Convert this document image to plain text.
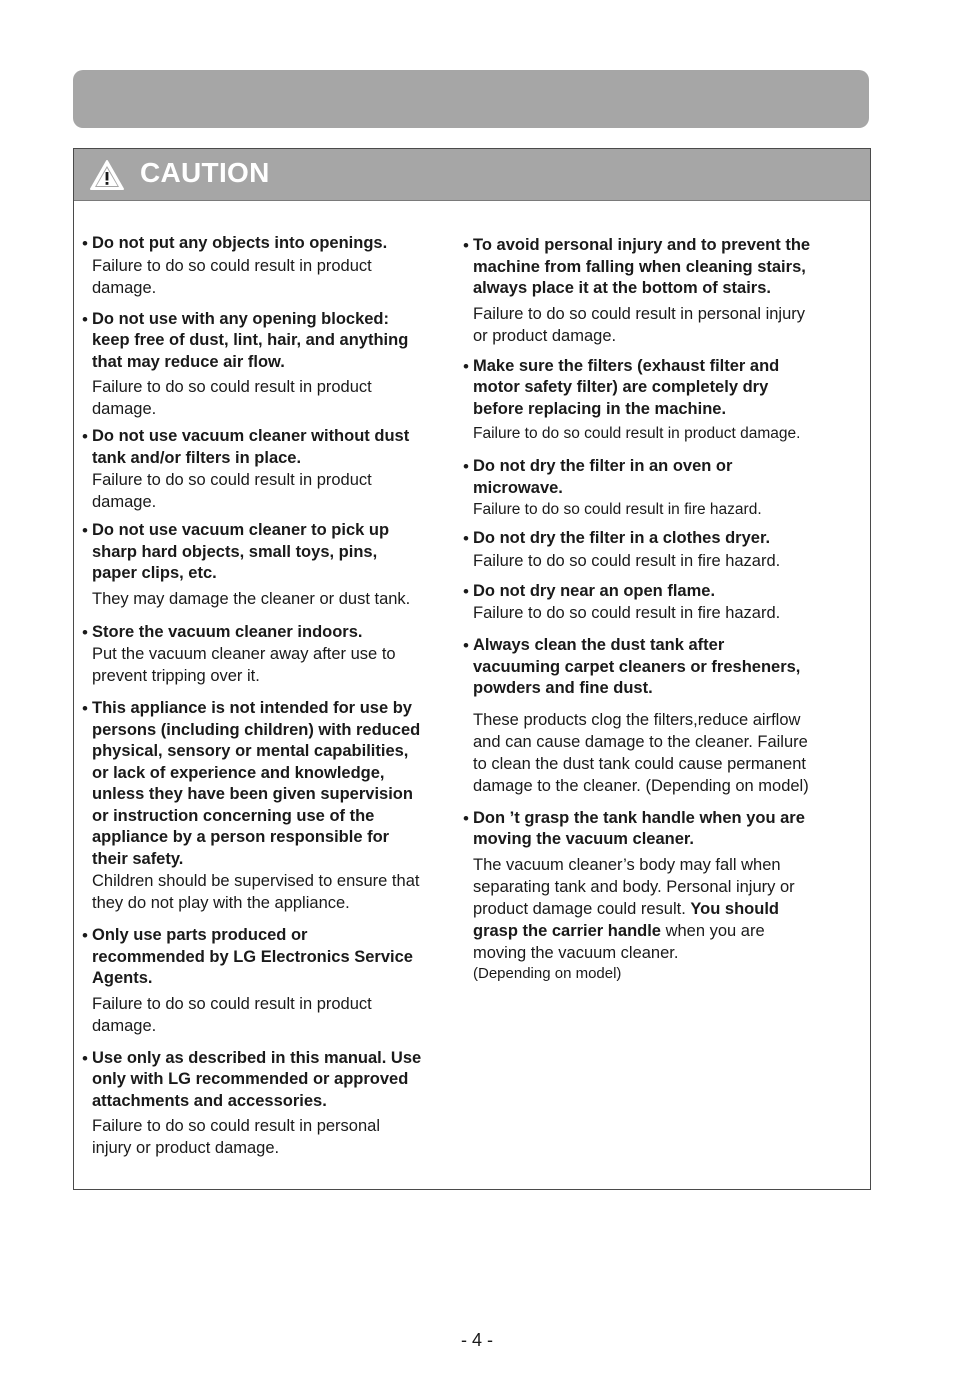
CAUTION
• Do not put any objects into openings.
Failure to do so could result in product damage.
• Do not use with any opening blocked: keep free of dust, lint, hair, and anything that may reduce air flow.
Failure to do so could result in product damage.
• Do not use vacuum cleaner without dust tank and/or filters in place.
Failure to do so could result in product damage.
• Do not use vacuum cleaner to pick up sharp hard objects, small toys, pins, paper clips, etc.
They may damage the cleaner or dust tank.
• Store the vacuum cleaner indoors.
Put the vacuum cleaner away after use to prevent tripping over it.
• This appliance is not intended for use by persons (including children) with reduced physical, sensory or mental capabilities, or lack of experience and knowledge, unless they have been given supervision or instruction concerning use of the appliance by a person responsible for their safety.
Children should be supervised to ensure that they do not play with the appliance.
• Only use parts produced or recommended by LG Electronics Service Agents.
Failure to do so could result in product damage.
• Use only as described in this manual. Use only with LG recommended or approved attachments and accessories.
Failure to do so could result in personal injury or product damage.
• To avoid personal injury and to prevent the machine from falling when cleaning stairs, always place it at the bottom of stairs.
Failure to do so could result in personal injury or product damage.
• Make sure the filters (exhaust filter and motor safety filter) are completely dry before replacing in the machine.
Failure to do so could result in product damage.
• Do not dry the filter in an oven or microwave.
Failure to do so could result in fire hazard.
• Do not dry the filter in a clothes dryer.
Failure to do so could result in fire hazard.
• Do not dry near an open flame.
Failure to do so could result in fire hazard.
• Always clean the dust tank after vacuuming carpet cleaners or fresheners, powders and fine dust.
These products clog the filters,reduce airflow and can cause damage to the cleaner. Failure to clean the dust tank could cause permanent damage to the cleaner. (Depending on model)
• Don ’t grasp the tank handle when you are moving the vacuum cleaner.
The vacuum cleaner’s body may fall when separating tank and body. Personal injury or product damage could result. You should grasp the carrier handle when you are moving the vacuum cleaner.
(Depending on model)
- 4 -
